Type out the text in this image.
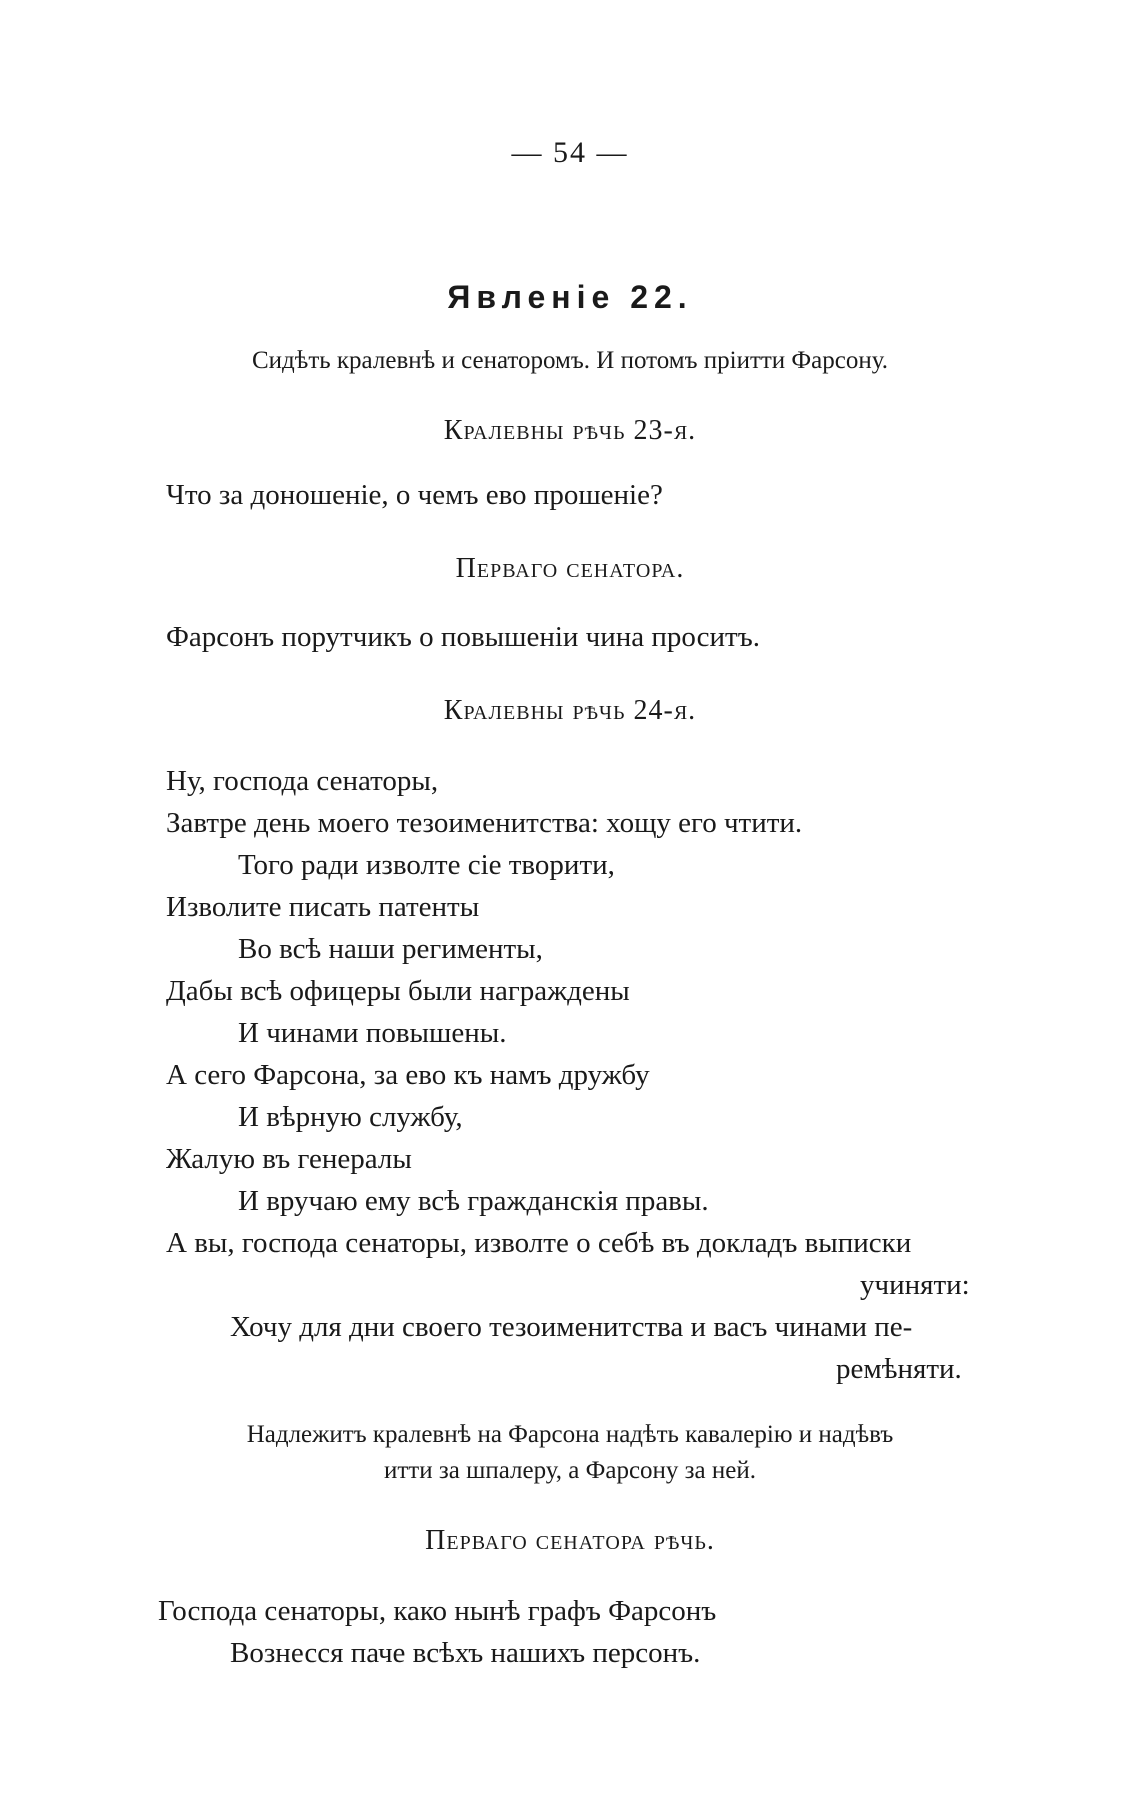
— 54 —
Явленіе 22.
Сидѣть кралевнѣ и сенаторомъ. И потомъ пріитти Фарсону.
Кралевны рѣчь 23-я.
Что за доношеніе, о чемъ ево прошеніе?
Перваго сенатора.
Фарсонъ порутчикъ о повышеніи чина проситъ.
Кралевны рѣчь 24-я.
Ну, господа сенаторы,
Завтре день моего тезоименитства: хощу его чтити.
Того ради изволте сіе творити,
Изволите писать патенты
Во всѣ наши регименты,
Дабы всѣ офицеры были награждены
И чинами повышены.
А сего Фарсона, за ево къ намъ дружбу
И вѣрную службу,
Жалую въ генералы
И вручаю ему всѣ гражданскія правы.
А вы, господа сенаторы, изволте о себѣ въ докладъ выписки
учиняти:
Хочу для дни своего тезоименитства и васъ чинами пе-
ремѣняти.
Надлежитъ кралевнѣ на Фарсона надѣть кавалерію и надѣвъ
итти за шпалеру, а Фарсону за ней.
Перваго сенатора рѣчь.
Господа сенаторы, како нынѣ графъ Фарсонъ
Вознесся паче всѣхъ нашихъ персонъ.
